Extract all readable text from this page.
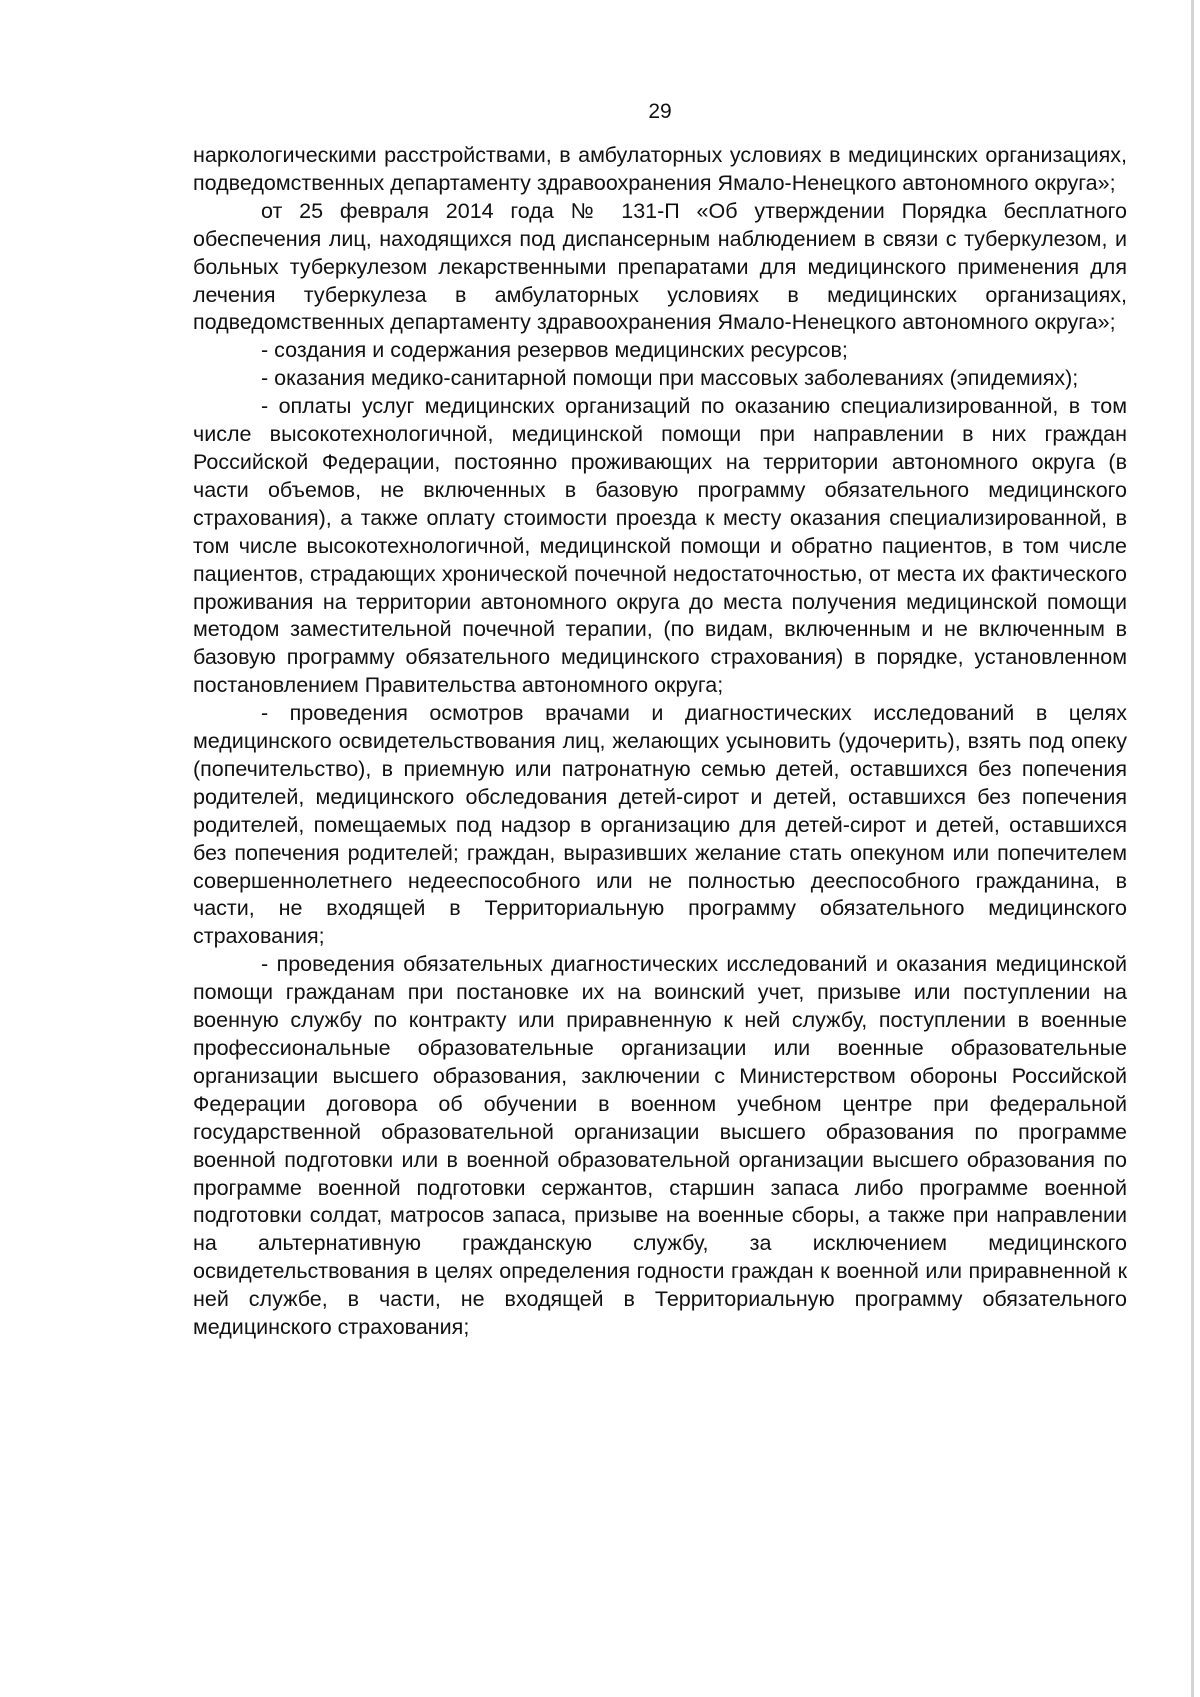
29

наркологическими расстройствами, в амбулаторных условиях в медицинских организациях, подведомственных департаменту здравоохранения Ямало-Ненецкого автономного округа»;

от 25 февраля 2014 года № 131-П «Об утверждении Порядка бесплатного обеспечения лиц, находящихся под диспансерным наблюдением в связи с туберкулезом, и больных туберкулезом лекарственными препаратами для медицинского применения для лечения туберкулеза в амбулаторных условиях в медицинских организациях, подведомственных департаменту здравоохранения Ямало-Ненецкого автономного округа»;

- создания и содержания резервов медицинских ресурсов;

- оказания медико-санитарной помощи при массовых заболеваниях (эпидемиях);

- оплаты услуг медицинских организаций по оказанию специализированной, в том числе высокотехнологичной, медицинской помощи при направлении в них граждан Российской Федерации, постоянно проживающих на территории автономного округа (в части объемов, не включенных в базовую программу обязательного медицинского страхования), а также оплату стоимости проезда к месту оказания специализированной, в том числе высокотехнологичной, медицинской помощи и обратно пациентов, в том числе пациентов, страдающих хронической почечной недостаточностью, от места их фактического проживания на территории автономного округа до места получения медицинской помощи методом заместительной почечной терапии, (по видам, включенным и не включенным в базовую программу обязательного медицинского страхования) в порядке, установленном постановлением Правительства автономного округа;

- проведения осмотров врачами и диагностических исследований в целях медицинского освидетельствования лиц, желающих усыновить (удочерить), взять под опеку (попечительство), в приемную или патронатную семью детей, оставшихся без попечения родителей, медицинского обследования детей-сирот и детей, оставшихся без попечения родителей, помещаемых под надзор в организацию для детей-сирот и детей, оставшихся без попечения родителей; граждан, выразивших желание стать опекуном или попечителем совершеннолетнего недееспособного или не полностью дееспособного гражданина, в части, не входящей в Территориальную программу обязательного медицинского страхования;

- проведения обязательных диагностических исследований и оказания медицинской помощи гражданам при постановке их на воинский учет, призыве или поступлении на военную службу по контракту или приравненную к ней службу, поступлении в военные профессиональные образовательные организации или военные образовательные организации высшего образования, заключении с Министерством обороны Российской Федерации договора об обучении в военном учебном центре при федеральной государственной образовательной организации высшего образования по программе военной подготовки или в военной образовательной организации высшего образования по программе военной подготовки сержантов, старшин запаса либо программе военной подготовки солдат, матросов запаса, призыве на военные сборы, а также при направлении на альтернативную гражданскую службу, за исключением медицинского освидетельствования в целях определения годности граждан к военной или приравненной к ней службе, в части, не входящей в Территориальную программу обязательного медицинского страхования;
